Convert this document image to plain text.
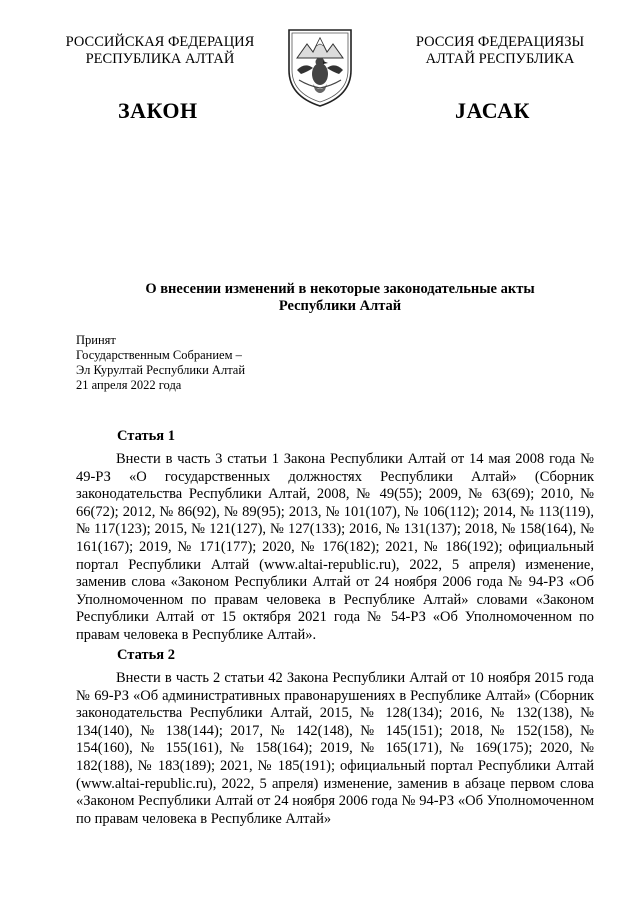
РОССИЙСКАЯ ФЕДЕРАЦИЯ
РЕСПУБЛИКА АЛТАЙ
РОССИЯ ФЕДЕРАЦИЯЗЫ
АЛТАЙ РЕСПУБЛИКА
ЗАКОН	JАСАК
О внесении изменений в некоторые законодательные акты
Республики Алтай
Принят
Государственным Собранием –
Эл Курултай Республики Алтай
21 апреля 2022 года
Статья 1
Внести в часть 3 статьи 1 Закона Республики Алтай от 14 мая 2008 года № 49-РЗ «О государственных должностях Республики Алтай» (Сборник законодательства Республики Алтай, 2008, № 49(55); 2009, № 63(69); 2010, № 66(72); 2012, № 86(92), № 89(95); 2013, № 101(107), № 106(112); 2014, № 113(119), № 117(123); 2015, № 121(127), № 127(133); 2016, № 131(137); 2018, № 158(164), № 161(167); 2019, № 171(177); 2020, № 176(182); 2021, № 186(192); официальный портал Республики Алтай (www.altai-republic.ru), 2022, 5 апреля) изменение, заменив слова «Законом Республики Алтай от 24 ноября 2006 года № 94-РЗ «Об Уполномоченном по правам человека в Республике Алтай» словами «Законом Республики Алтай от 15 октября 2021 года № 54-РЗ «Об Уполномоченном по правам человека в Республике Алтай».
Статья 2
Внести в часть 2 статьи 42 Закона Республики Алтай от 10 ноября 2015 года № 69-РЗ «Об административных правонарушениях в Республике Алтай» (Сборник законодательства Республики Алтай, 2015, № 128(134); 2016, № 132(138), № 134(140), № 138(144); 2017, № 142(148), № 145(151); 2018, № 152(158), № 154(160), № 155(161), № 158(164); 2019, № 165(171), № 169(175); 2020, № 182(188), № 183(189); 2021, № 185(191); официальный портал Республики Алтай (www.altai-republic.ru), 2022, 5 апреля) изменение, заменив в абзаце первом слова «Законом Республики Алтай от 24 ноября 2006 года № 94-РЗ «Об Уполномоченном по правам человека в Республике Алтай»
